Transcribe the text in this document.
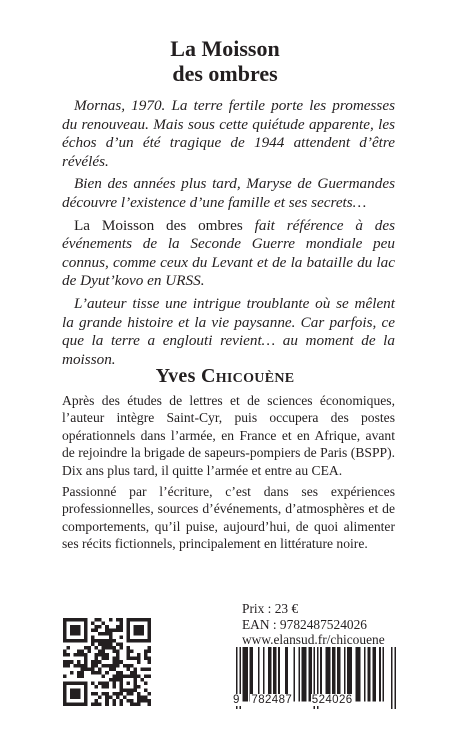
La Moisson
des ombres

Mornas, 1970. La terre fertile porte les promesses du renouveau. Mais sous cette quiétude apparente, les échos d’un été tragique de 1944 attendent d’être révélés.

Bien des années plus tard, Maryse de Guermandes découvre l’existence d’une famille et ses secrets…

La Moisson des ombres fait référence à des événements de la Seconde Guerre mondiale peu connus, comme ceux du Levant et de la bataille du lac de Dyut’kovo en URSS.

L’auteur tisse une intrigue troublante où se mêlent la grande histoire et la vie paysanne. Car parfois, ce que la terre a englouti revient… au moment de la moisson.

Yves Chicouène

Après des études de lettres et de sciences économiques, l’auteur intègre Saint-Cyr, puis occupera des postes opérationnels dans l’armée, en France et en Afrique, avant de rejoindre la brigade de sapeurs-pompiers de Paris (BSPP). Dix ans plus tard, il quitte l’armée et entre au CEA.

Passionné par l’écriture, c’est dans ses expériences professionnelles, sources d’événements, d’atmosphères et de comportements, qu’il puise, aujourd’hui, de quoi alimenter ses récits fictionnels, principalement en littérature noire.

Prix : 23 €
EAN : 9782487524026
www.elansud.fr/chicouene
9 782487 524026
